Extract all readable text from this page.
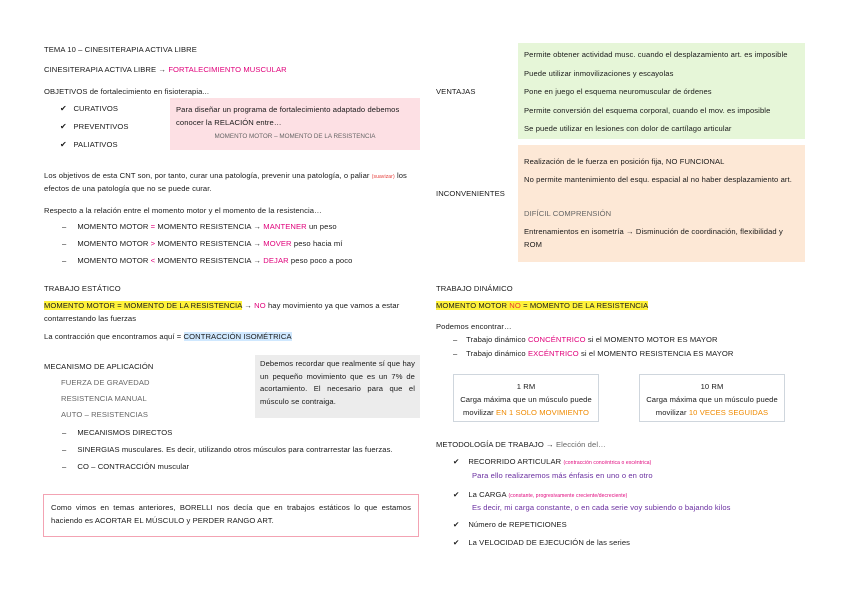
TEMA 10 – CINESITERAPIA ACTIVA LIBRE
CINESITERAPIA ACTIVA LIBRE → FORTALECIMIENTO MUSCULAR
OBJETIVOS de fortalecimiento en fisioterapia...
✔ CURATIVOS
✔ PREVENTIVOS
✔ PALIATIVOS
Para diseñar un programa de fortalecimiento adaptado debemos conocer la RELACIÓN entre…
MOMENTO MOTOR – MOMENTO DE LA RESISTENCIA
Los objetivos de esta CNT son, por tanto, curar una patología, prevenir una patología, o paliar (suavizar) los
efectos de una patología que no se puede curar.
Respecto a la relación entre el momento motor y el momento de la resistencia…
–     MOMENTO MOTOR = MOMENTO RESISTENCIA → MANTENER un peso
–     MOMENTO MOTOR > MOMENTO RESISTENCIA → MOVER peso hacia mí
–     MOMENTO MOTOR < MOMENTO RESISTENCIA → DEJAR peso poco a poco
TRABAJO ESTÁTICO
MOMENTO MOTOR = MOMENTO DE LA RESISTENCIA → NO hay movimiento ya que vamos a estar
contarrestando las fuerzas
La contracción que encontramos aquí = CONTRACCIÓN ISOMÉTRICA
MECANISMO DE APLICACIÓN
FUERZA DE GRAVEDAD
RESISTENCIA MANUAL
AUTO – RESISTENCIAS
–     MECANISMOS DIRECTOS
–     SINERGIAS musculares. Es decir, utilizando otros músculos para contrarrestar las fuerzas.
–     CO – CONTRACCIÓN muscular
Debemos recordar que realmente sí que hay un pequeño movimiento que es un 7% de acortamiento. El necesario para que el músculo se contraiga.
Como vimos en temas anteriores, BORELLI nos decía que en trabajos estáticos lo que estamos haciendo es ACORTAR EL MÚSCULO y PERDER RANGO ART.
VENTAJAS
Permite obtener actividad musc. cuando el desplazamiento art. es imposible
Puede utilizar inmovilizaciones y escayolas
Pone en juego el esquema neuromuscular de órdenes
Permite conversión del esquema corporal, cuando el mov. es imposible
Se puede utilizar en lesiones con dolor de cartílago articular
INCONVENIENTES
Realización de le fuerza en posición fija, NO FUNCIONAL
No permite mantenimiento del esqu. espacial al no haber desplazamiento art.
DIFÍCIL COMPRENSIÓN
Entrenamientos en isometría → Disminución de coordinación, flexibilidad y ROM
TRABAJO DINÁMICO
MOMENTO MOTOR NO = MOMENTO DE LA RESISTENCIA
Podemos encontrar…
–    Trabajo dinámico CONCÉNTRICO si el MOMENTO MOTOR ES MAYOR
–    Trabajo dinámico EXCÉNTRICO si el MOMENTO RESISTENCIA ES MAYOR
1 RM
Carga máxima que un músculo puede
movilizar EN 1 SOLO MOVIMIENTO
10 RM
Carga máxima que un músculo puede
movilizar 10 VECES SEGUIDAS
METODOLOGÍA DE TRABAJO → Elección del…
✔ RECORRIDO ARTICULAR (contracción concéntrica o excéntrica)
Para ello realizaremos más énfasis en uno o en otro
✔ La CARGA (constante, progresivamente creciente/decreciente)
Es decir, mi carga constante, o en cada serie voy subiendo o bajando kilos
✔ Número de REPETICIONES
✔ La VELOCIDAD DE EJECUCIÓN de las series
